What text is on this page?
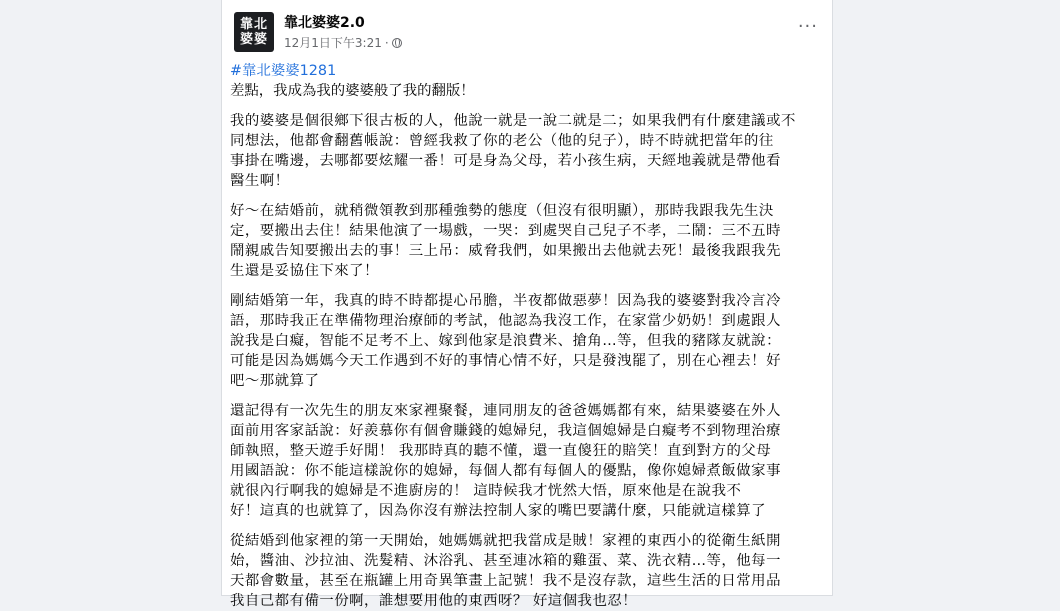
靠北婆婆
靠北婆婆2.0
12月1日下午3:21 ·
···
#靠北婆婆1281
差點，我成為我的婆婆般了我的翻版！
我的婆婆是個很鄉下很古板的人，他說一就是一說二就是二；如果我們有什麼建議或不
同想法，他都會翻舊帳說：曾經我救了你的老公（他的兒子），時不時就把當年的往
事掛在嘴邊，去哪都要炫耀一番！可是身為父母，若小孩生病，天經地義就是帶他看
醫生啊！
好～在結婚前，就稍微領教到那種強勢的態度（但沒有很明顯），那時我跟我先生決
定，要搬出去住！結果他演了一場戲，一哭：到處哭自己兒子不孝，二鬧：三不五時
鬧親戚告知要搬出去的事！三上吊：威脅我們，如果搬出去他就去死！最後我跟我先
生還是妥協住下來了！
剛結婚第一年，我真的時不時都提心吊膽，半夜都做惡夢！因為我的婆婆對我冷言冷
語，那時我正在準備物理治療師的考試，他認為我沒工作，在家當少奶奶！到處跟人
說我是白癡，智能不足考不上、嫁到他家是浪費米、搶角…等，但我的豬隊友就說：
可能是因為媽媽今天工作遇到不好的事情心情不好，只是發洩罷了，別在心裡去！好
吧～那就算了
還記得有一次先生的朋友來家裡聚餐，連同朋友的爸爸媽媽都有來，結果婆婆在外人
面前用客家話說：好羨慕你有個會賺錢的媳婦兒，我這個媳婦是白癡考不到物理治療
師執照，整天遊手好閒！ 我那時真的聽不懂，還一直傻狂的賠笑！直到對方的父母
用國語說：你不能這樣說你的媳婦，每個人都有每個人的優點，像你媳婦煮飯做家事
就很內行啊我的媳婦是不進廚房的！ 這時候我才恍然大悟，原來他是在說我不
好！這真的也就算了，因為你沒有辦法控制人家的嘴巴要講什麼，只能就這樣算了
從結婚到他家裡的第一天開始，她媽媽就把我當成是賊！家裡的東西小的從衛生紙開
始，醬油、沙拉油、洗髮精、沐浴乳、甚至連冰箱的雞蛋、菜、洗衣精…等，他每一
天都會數量，甚至在瓶罐上用奇異筆畫上記號！我不是沒存款，這些生活的日常用品
我自己都有備一份啊，誰想要用他的東西呀？ 好這個我也忍！
